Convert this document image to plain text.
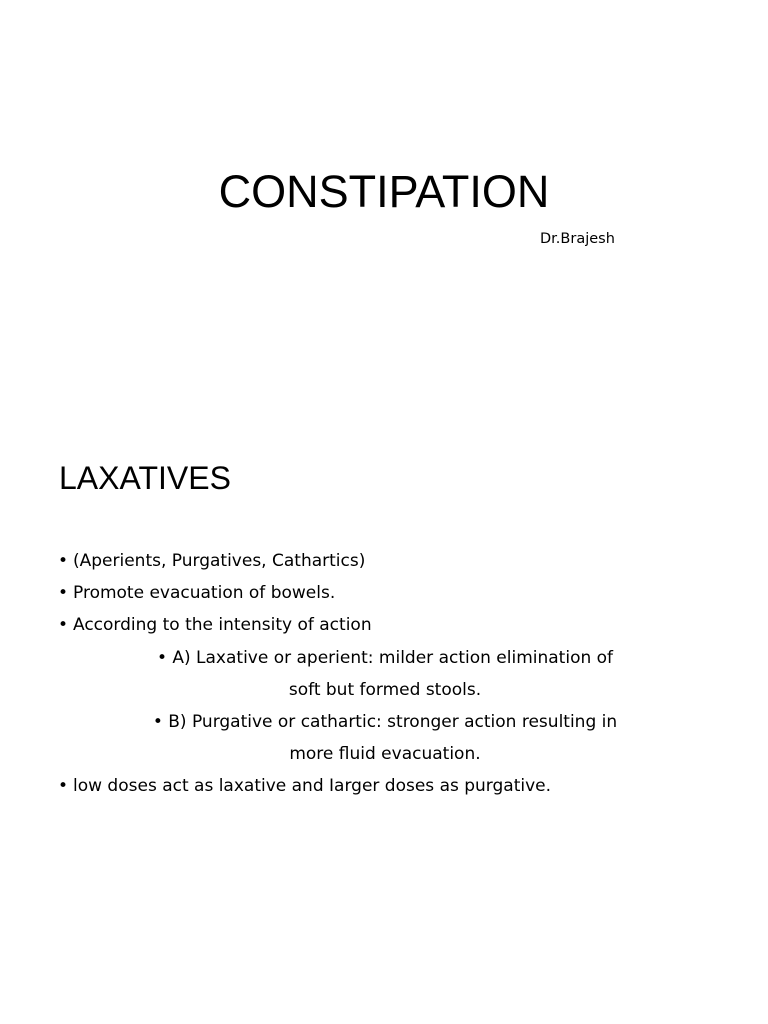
CONSTIPATION
Dr.Brajesh
LAXATIVES
• (Aperients, Purgatives, Cathartics)
• Promote evacuation of bowels.
• According to the intensity of action
• A) Laxative or aperient: milder action elimination of soft but formed stools.
• B) Purgative or cathartic: stronger action resulting in more fluid evacuation.
• low doses act as laxative and Iarger doses as purgative.
